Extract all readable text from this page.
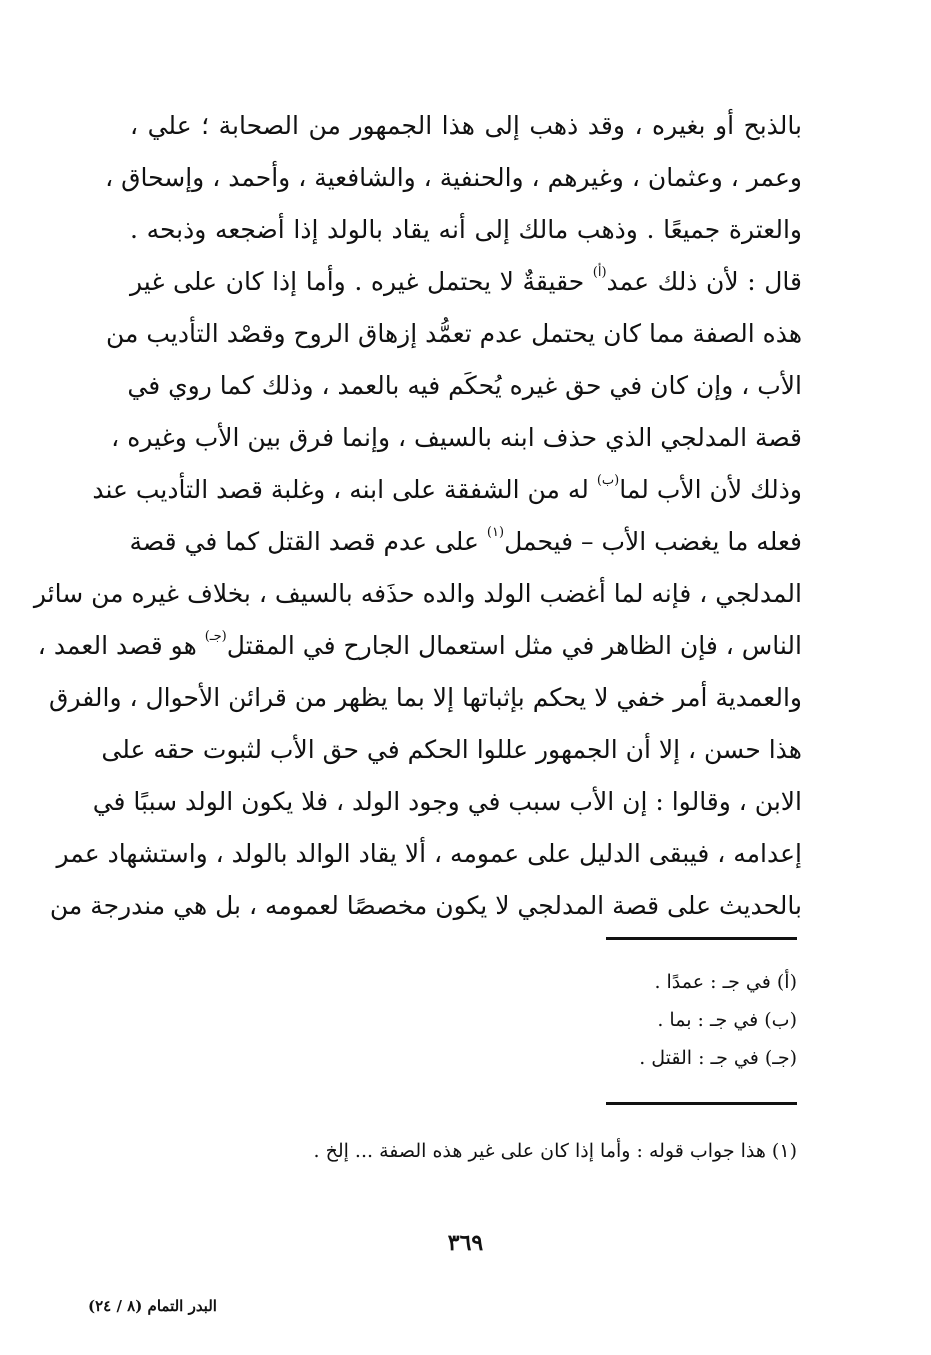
بالذبح أو بغيره ، وقد ذهب إلى هذا الجمهور من الصحابة ؛ علي ،
وعمر ، وعثمان ، وغيرهم ، والحنفية ، والشافعية ، وأحمد ، وإسحاق ،
والعترة جميعًا . وذهب مالك إلى أنه يقاد بالولد إذا أضجعه وذبحه .
قال : لأن ذلك عمد$^{(أ)}$ حقيقةٌ لا يحتمل غيره . وأما إذا كان على غير
هذه الصفة مما كان يحتمل عدم تعمُّد إزهاق الروح وقصْد التأديب من
الأب ، وإن كان في حق غيره يُحكَم فيه بالعمد ، وذلك كما روي في
قصة المدلجي الذي حذف ابنه بالسيف ، وإنما فرق بين الأب وغيره ،
وذلك لأن الأب لما$^{(ب)}$ له من الشفقة على ابنه ، وغلبة قصد التأديب عند
فعله ما يغضب الأب – فيحمل$^{(١)}$ على عدم قصد القتل كما في قصة
المدلجي ، فإنه لما أغضب الولد والده حذَفه بالسيف ، بخلاف غيره من سائر
الناس ، فإن الظاهر في مثل استعمال الجارح في المقتل$^{(جـ)}$ هو قصد العمد ،
والعمدية أمر خفي لا يحكم بإثباتها إلا بما يظهر من قرائن الأحوال ، والفرق
هذا حسن ، إلا أن الجمهور عللوا الحكم في حق الأب لثبوت حقه على
الابن ، وقالوا : إن الأب سبب في وجود الولد ، فلا يكون الولد سببًا في
إعدامه ، فيبقى الدليل على عمومه ، ألا يقاد الوالد بالولد ، واستشهاد عمر
بالحديث على قصة المدلجي لا يكون مخصصًا لعمومه ، بل هي مندرجة من
(أ) في جـ : عمدًا .
(ب) في جـ : بما .
(جـ) في جـ : القتل .
(١) هذا جواب قوله : وأما إذا كان على غير هذه الصفة ... إلخ .
٣٦٩
البدر التمام (٨ / ٢٤)
